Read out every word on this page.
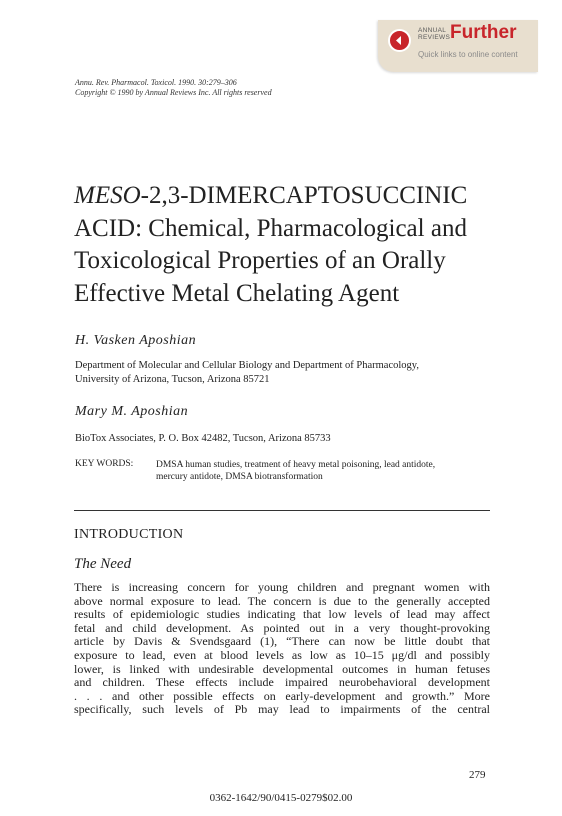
ANNUAL
REVIEWS Further
Quick links to online content
Annu. Rev. Pharmacol. Toxicol. 1990. 30:279–306
Copyright © 1990 by Annual Reviews Inc. All rights reserved
MESO-2,3-DIMERCAPTOSUCCINIC
ACID: Chemical, Pharmacological and
Toxicological Properties of an Orally
Effective Metal Chelating Agent
H. Vasken Aposhian
Department of Molecular and Cellular Biology and Department of Pharmacology,
University of Arizona, Tucson, Arizona 85721
Mary M. Aposhian
BioTox Associates, P. O. Box 42482, Tucson, Arizona 85733
KEY WORDS: DMSA human studies, treatment of heavy metal poisoning, lead antidote,
mercury antidote, DMSA biotransformation
INTRODUCTION
The Need
There is increasing concern for young children and pregnant women with
above normal exposure to lead. The concern is due to the generally accepted
results of epidemiologic studies indicating that low levels of lead may affect
fetal and child development. As pointed out in a very thought-provoking
article by Davis & Svendsgaard (1), “There can now be little doubt that
exposure to lead, even at blood levels as low as 10–15 μg/dl and possibly
lower, is linked with undesirable developmental outcomes in human fetuses
and children. These effects include impaired neurobehavioral development
. . . and other possible effects on early-development and growth.” More
specifically, such levels of Pb may lead to impairments of the central
279
0362-1642/90/0415-0279$02.00
